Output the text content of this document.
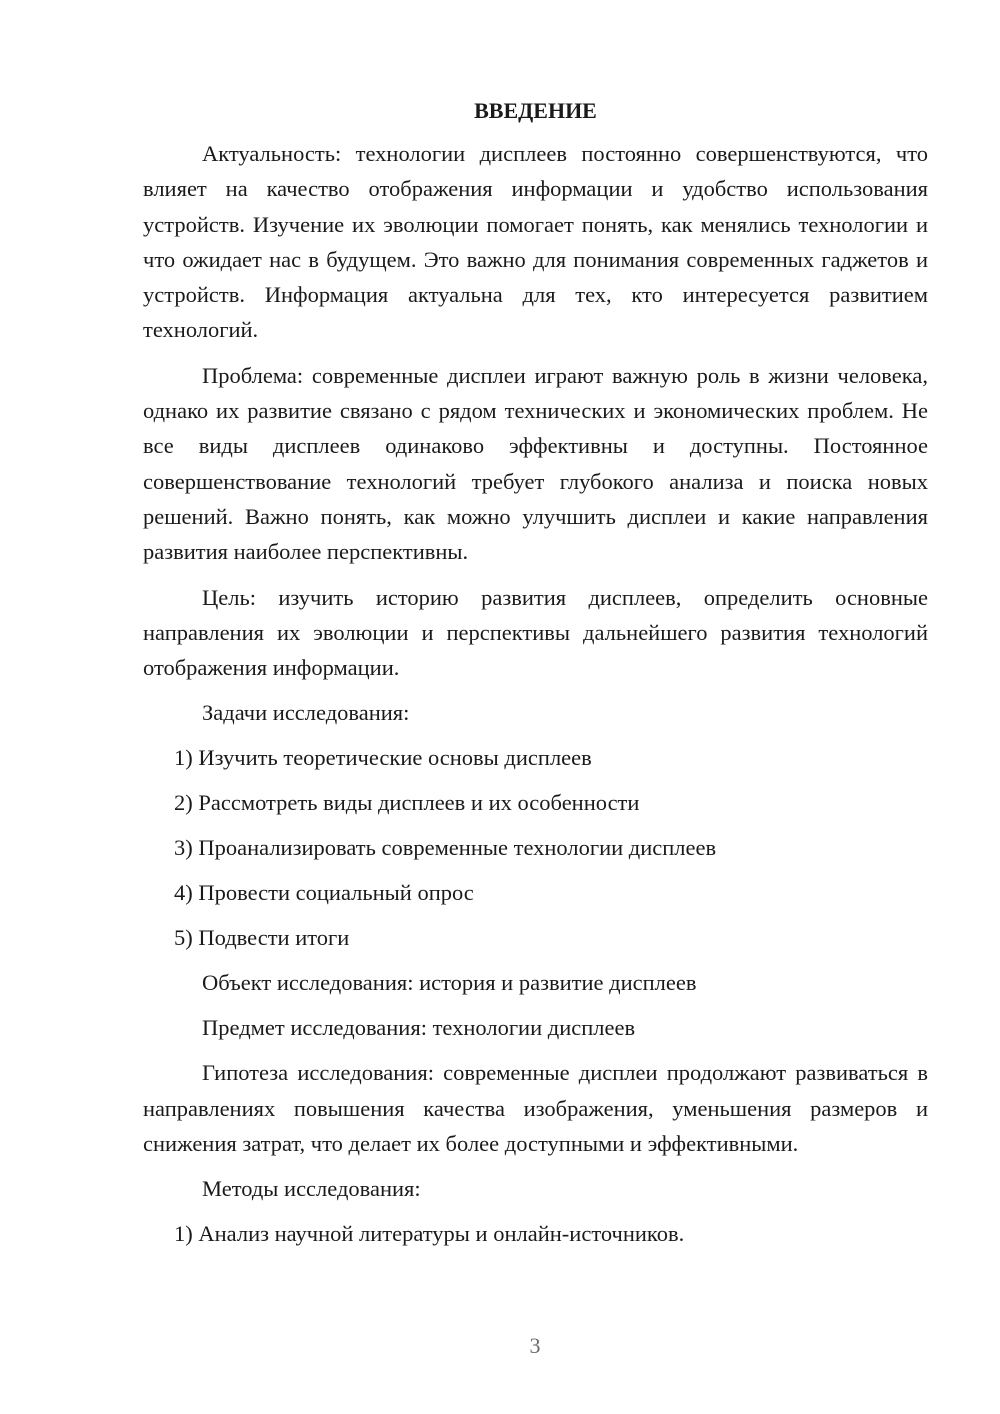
ВВЕДЕНИЕ

Актуальность: технологии дисплеев постоянно совершенствуются, что влияет на качество отображения информации и удобство использования устройств. Изучение их эволюции помогает понять, как менялись технологии и что ожидает нас в будущем. Это важно для понимания современных гаджетов и устройств. Информация актуальна для тех, кто интересуется развитием технологий.

Проблема: современные дисплеи играют важную роль в жизни человека, однако их развитие связано с рядом технических и экономических проблем. Не все виды дисплеев одинаково эффективны и доступны. Постоянное совершенствование технологий требует глубокого анализа и поиска новых решений. Важно понять, как можно улучшить дисплеи и какие направления развития наиболее перспективны.

Цель: изучить историю развития дисплеев, определить основные направления их эволюции и перспективы дальнейшего развития технологий отображения информации.

Задачи исследования:
1) Изучить теоретические основы дисплеев
2) Рассмотреть виды дисплеев и их особенности
3) Проанализировать современные технологии дисплеев
4) Провести социальный опрос
5) Подвести итоги
Объект исследования: история и развитие дисплеев
Предмет исследования: технологии дисплеев

Гипотеза исследования: современные дисплеи продолжают развиваться в направлениях повышения качества изображения, уменьшения размеров и снижения затрат, что делает их более доступными и эффективными.

Методы исследования:
1) Анализ научной литературы и онлайн-источников.
3
